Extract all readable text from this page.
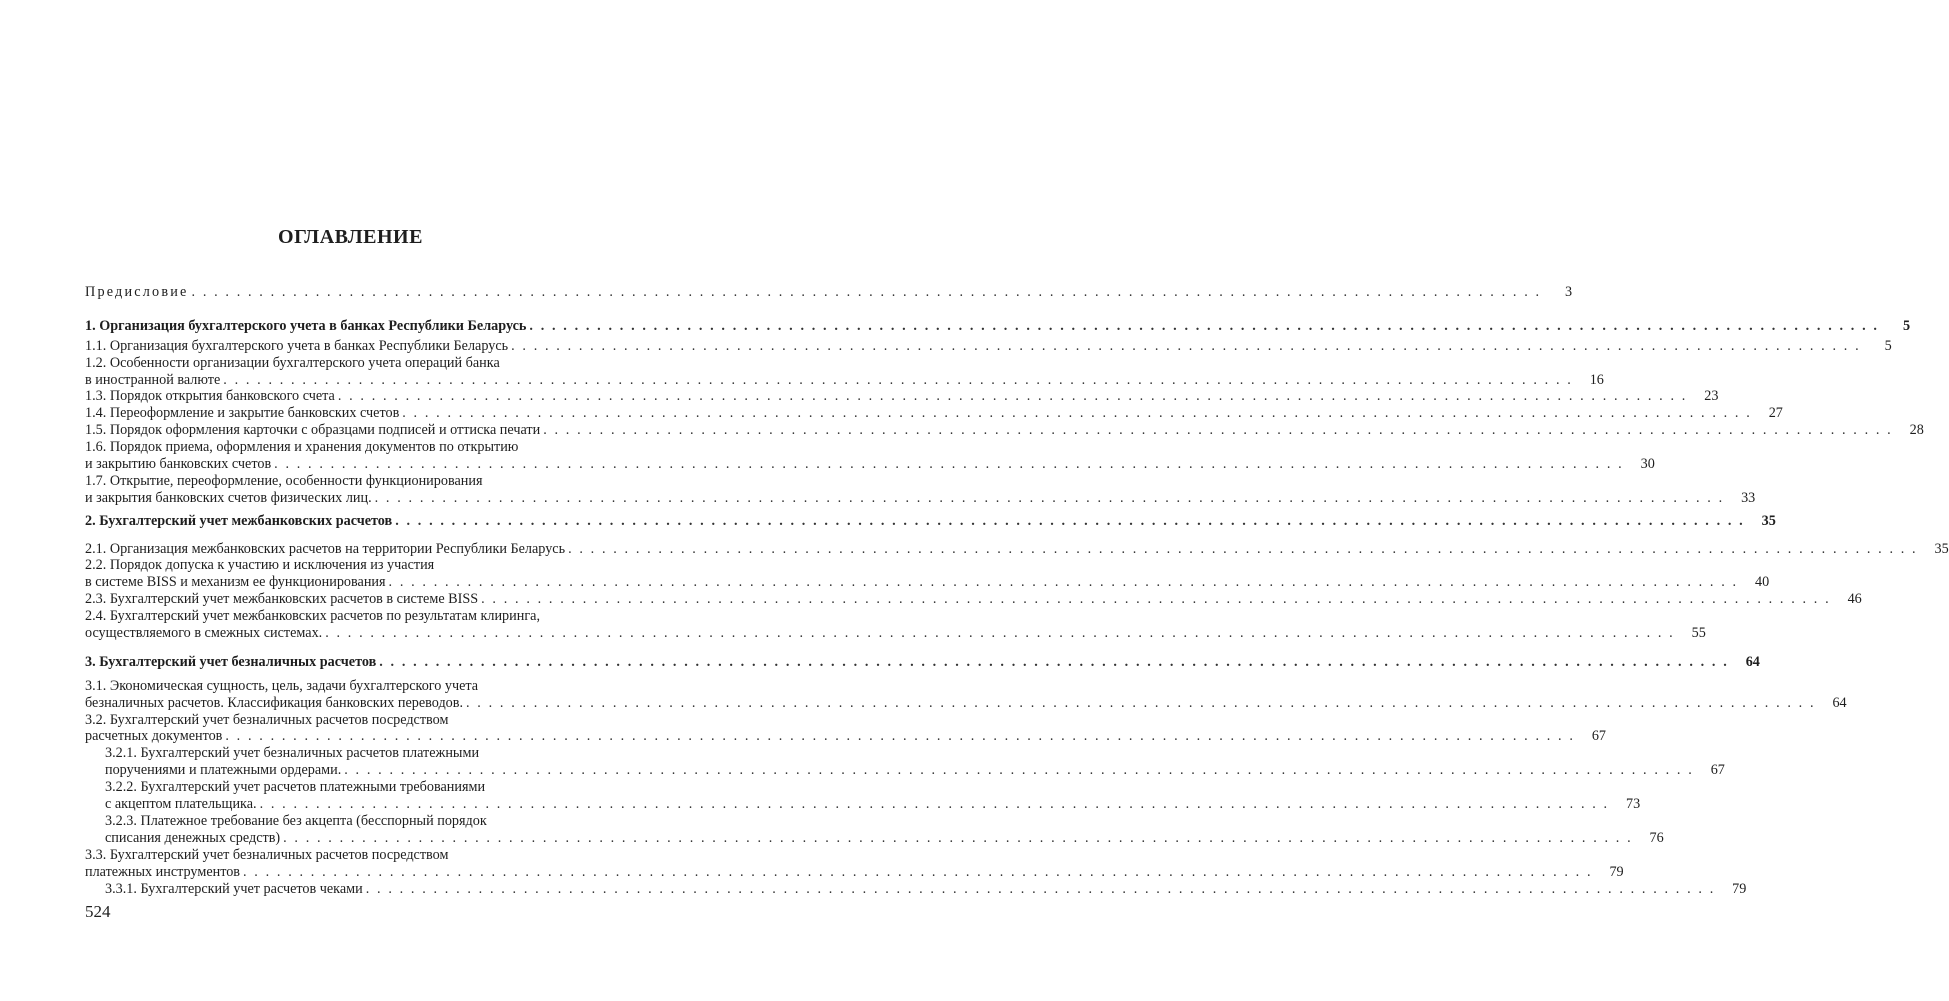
ОГЛАВЛЕНИЕ
Предисловие . . . . . . . . . . . . . . . . . . . . . . . . . . . . . . . . . . . . . . . . . . . . . . . . . . . . . . . . . . . . . . . . . . . . . . . . . . . . . . . . . . . . . . . . . . . . . . . . . . . . . . . . . . . . . . . . . . . . . . . .	3
1. Организация бухгалтерского учета в банках Республики Беларусь . . . . . . . . . . . . . . . . . . . . . . . . . . . . . . . . . . . . . . . . . . . . . . . . . . . . . . . . . . . . . . . . . . . . . . . . . . . . . . . . . . . . . . . . . . . . . . . . . . . . . . . . . . . . . . . . . . . . . . . .	5
1.1. Организация бухгалтерского учета в банках Республики Беларусь . . . . . . . . . . . . . . . . . . . . . . . . . . . . . . . . . . . . . . . . . . . . . . . . . . . . . . . . . . . . . . . . . . . . . . . . . . . . . . . . . . . . . . . . . . . . . . . . . . . . . . . . . . . . . . . . . . . . . . . .	5
1.2. Особенности организации бухгалтерского учета операций банка
в иностранной валюте . . . . . . . . . . . . . . . . . . . . . . . . . . . . . . . . . . . . . . . . . . . . . . . . . . . . . . . . . . . . . . . . . . . . . . . . . . . . . . . . . . . . . . . . . . . . . . . . . . . . . . . . . . . . . . . . . . . . . . . .	16
1.3. Порядок открытия банковского счета . . . . . . . . . . . . . . . . . . . . . . . . . . . . . . . . . . . . . . . . . . . . . . . . . . . . . . . . . . . . . . . . . . . . . . . . . . . . . . . . . . . . . . . . . . . . . . . . . . . . . . . . . . . . . . . . . . . . . . . .	23
1.4. Переоформление и закрытие банковских счетов . . . . . . . . . . . . . . . . . . . . . . . . . . . . . . . . . . . . . . . . . . . . . . . . . . . . . . . . . . . . . . . . . . . . . . . . . . . . . . . . . . . . . . . . . . . . . . . . . . . . . . . . . . . . . . . . . . . . . . . .	27
1.5. Порядок оформления карточки с образцами подписей и оттиска печати . . . . . . . . . . . . . . . . . . . . . . . . . . . . . . . . . . . . . . . . . . . . . . . . . . . . . . . . . . . . . . . . . . . . . . . . . . . . . . . . . . . . . . . . . . . . . . . . . . . . . . . . . . . . . . . . . . . . . . . .	28
1.6. Порядок приема, оформления и хранения документов по открытию
и закрытию банковских счетов . . . . . . . . . . . . . . . . . . . . . . . . . . . . . . . . . . . . . . . . . . . . . . . . . . . . . . . . . . . . . . . . . . . . . . . . . . . . . . . . . . . . . . . . . . . . . . . . . . . . . . . . . . . . . . . . . . . . . . . .	30
1.7. Открытие, переоформление, особенности функционирования
и закрытия банковских счетов физических лиц. . . . . . . . . . . . . . . . . . . . . . . . . . . . . . . . . . . . . . . . . . . . . . . . . . . . . . . . . . . . . . . . . . . . . . . . . . . . . . . . . . . . . . . . . . . . . . . . . . . . . . . . . . . . . . . . . . . . . . . . .	33
2. Бухгалтерский учет межбанковских расчетов . . . . . . . . . . . . . . . . . . . . . . . . . . . . . . . . . . . . . . . . . . . . . . . . . . . . . . . . . . . . . . . . . . . . . . . . . . . . . . . . . . . . . . . . . . . . . . . . . . . . . . . . . . . . . . . . . . . . . . . .	35
2.1. Организация межбанковских расчетов на территории Республики Беларусь . . . . . . . . . . . . . . . . . . . . . . . . . . . . . . . . . . . . . . . . . . . . . . . . . . . . . . . . . . . . . . . . . . . . . . . . . . . . . . . . . . . . . . . . . . . . . . . . . . . . . . . . . . . . . . . . . . . . . . . .	35
2.2. Порядок допуска к участию и исключения из участия
в системе BISS и механизм ее функционирования . . . . . . . . . . . . . . . . . . . . . . . . . . . . . . . . . . . . . . . . . . . . . . . . . . . . . . . . . . . . . . . . . . . . . . . . . . . . . . . . . . . . . . . . . . . . . . . . . . . . . . . . . . . . . . . . . . . . . . . .	40
2.3. Бухгалтерский учет межбанковских расчетов в системе BISS . . . . . . . . . . . . . . . . . . . . . . . . . . . . . . . . . . . . . . . . . . . . . . . . . . . . . . . . . . . . . . . . . . . . . . . . . . . . . . . . . . . . . . . . . . . . . . . . . . . . . . . . . . . . . . . . . . . . . . . .	46
2.4. Бухгалтерский учет межбанковских расчетов по результатам клиринга,
осуществляемого в смежных системах. . . . . . . . . . . . . . . . . . . . . . . . . . . . . . . . . . . . . . . . . . . . . . . . . . . . . . . . . . . . . . . . . . . . . . . . . . . . . . . . . . . . . . . . . . . . . . . . . . . . . . . . . . . . . . . . . . . . . . . . .	55
3. Бухгалтерский учет безналичных расчетов . . . . . . . . . . . . . . . . . . . . . . . . . . . . . . . . . . . . . . . . . . . . . . . . . . . . . . . . . . . . . . . . . . . . . . . . . . . . . . . . . . . . . . . . . . . . . . . . . . . . . . . . . . . . . . . . . . . . . . . .	64
3.1. Экономическая сущность, цель, задачи бухгалтерского учета
безналичных расчетов. Классификация банковских переводов. . . . . . . . . . . . . . . . . . . . . . . . . . . . . . . . . . . . . . . . . . . . . . . . . . . . . . . . . . . . . . . . . . . . . . . . . . . . . . . . . . . . . . . . . . . . . . . . . . . . . . . . . . . . . . . . . . . . . . . . .	64
3.2. Бухгалтерский учет безналичных расчетов посредством
расчетных документов . . . . . . . . . . . . . . . . . . . . . . . . . . . . . . . . . . . . . . . . . . . . . . . . . . . . . . . . . . . . . . . . . . . . . . . . . . . . . . . . . . . . . . . . . . . . . . . . . . . . . . . . . . . . . . . . . . . . . . . .	67
3.2.1. Бухгалтерский учет безналичных расчетов платежными
поручениями и платежными ордерами. . . . . . . . . . . . . . . . . . . . . . . . . . . . . . . . . . . . . . . . . . . . . . . . . . . . . . . . . . . . . . . . . . . . . . . . . . . . . . . . . . . . . . . . . . . . . . . . . . . . . . . . . . . . . . . . . . . . . . . . .	67
3.2.2. Бухгалтерский учет расчетов платежными требованиями
с акцептом плательщика. . . . . . . . . . . . . . . . . . . . . . . . . . . . . . . . . . . . . . . . . . . . . . . . . . . . . . . . . . . . . . . . . . . . . . . . . . . . . . . . . . . . . . . . . . . . . . . . . . . . . . . . . . . . . . . . . . . . . . . . .	73
3.2.3. Платежное требование без акцепта (бесспорный порядок
списания денежных средств) . . . . . . . . . . . . . . . . . . . . . . . . . . . . . . . . . . . . . . . . . . . . . . . . . . . . . . . . . . . . . . . . . . . . . . . . . . . . . . . . . . . . . . . . . . . . . . . . . . . . . . . . . . . . . . . . . . . . . . . .	76
3.3. Бухгалтерский учет безналичных расчетов посредством
платежных инструментов . . . . . . . . . . . . . . . . . . . . . . . . . . . . . . . . . . . . . . . . . . . . . . . . . . . . . . . . . . . . . . . . . . . . . . . . . . . . . . . . . . . . . . . . . . . . . . . . . . . . . . . . . . . . . . . . . . . . . . . .	79
3.3.1. Бухгалтерский учет расчетов чеками . . . . . . . . . . . . . . . . . . . . . . . . . . . . . . . . . . . . . . . . . . . . . . . . . . . . . . . . . . . . . . . . . . . . . . . . . . . . . . . . . . . . . . . . . . . . . . . . . . . . . . . . . . . . . . . . . . . . . . . .	79
524
